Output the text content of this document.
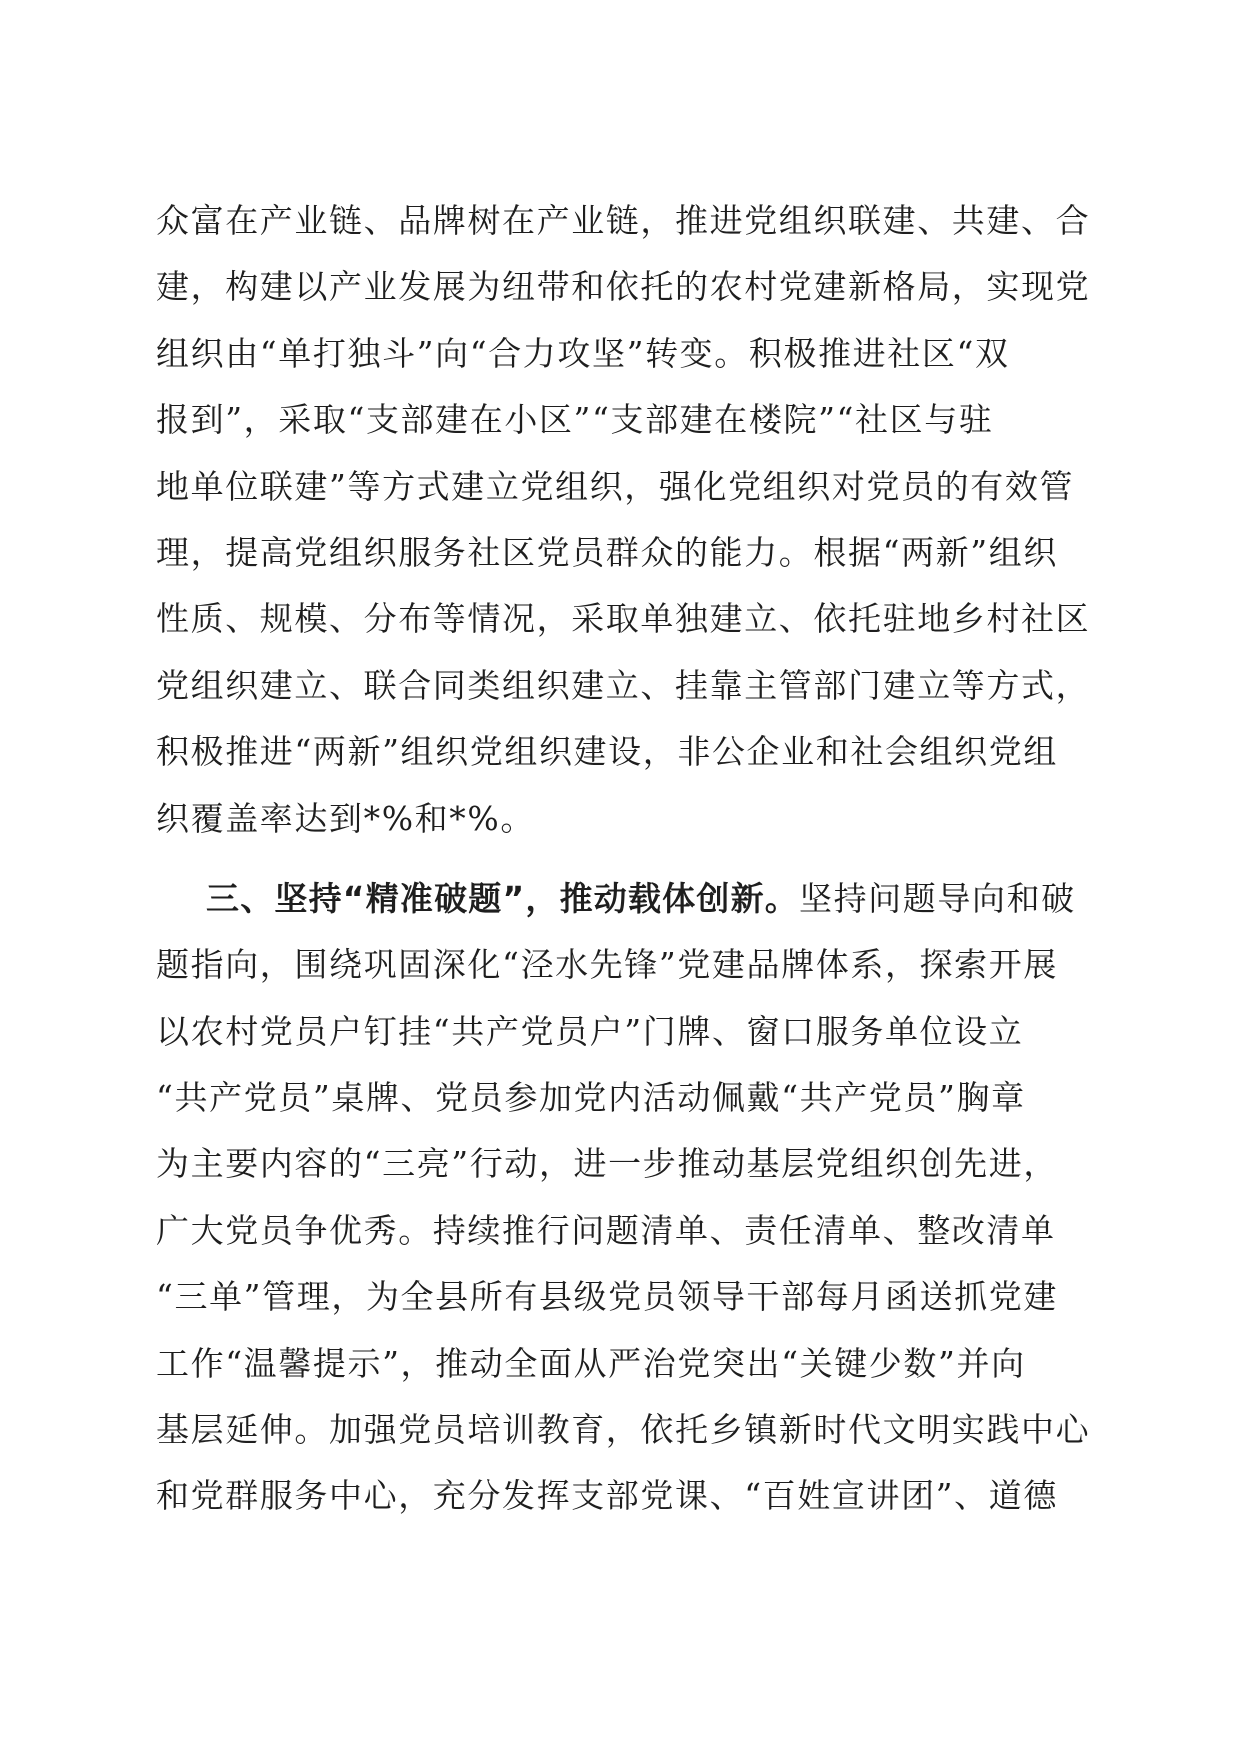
众富在产业链、品牌树在产业链，推进党组织联建、共建、合
建，构建以产业发展为纽带和依托的农村党建新格局，实现党
组织由“单打独斗”向“合力攻坚”转变。积极推进社区“双
报到”，采取“支部建在小区”“支部建在楼院”“社区与驻
地单位联建”等方式建立党组织，强化党组织对党员的有效管
理，提高党组织服务社区党员群众的能力。根据“两新”组织
性质、规模、分布等情况，采取单独建立、依托驻地乡村社区
党组织建立、联合同类组织建立、挂靠主管部门建立等方式，
积极推进“两新”组织党组织建设，非公企业和社会组织党组
织覆盖率达到*%和*%。
三、坚持“精准破题”，推动载体创新。坚持问题导向和破
题指向，围绕巩固深化“泾水先锋”党建品牌体系，探索开展
以农村党员户钉挂“共产党员户”门牌、窗口服务单位设立
“共产党员”桌牌、党员参加党内活动佩戴“共产党员”胸章
为主要内容的“三亮”行动，进一步推动基层党组织创先进，
广大党员争优秀。持续推行问题清单、责任清单、整改清单
“三单”管理，为全县所有县级党员领导干部每月函送抓党建
工作“温馨提示”，推动全面从严治党突出“关键少数”并向
基层延伸。加强党员培训教育，依托乡镇新时代文明实践中心
和党群服务中心，充分发挥支部党课、“百姓宣讲团”、道德
